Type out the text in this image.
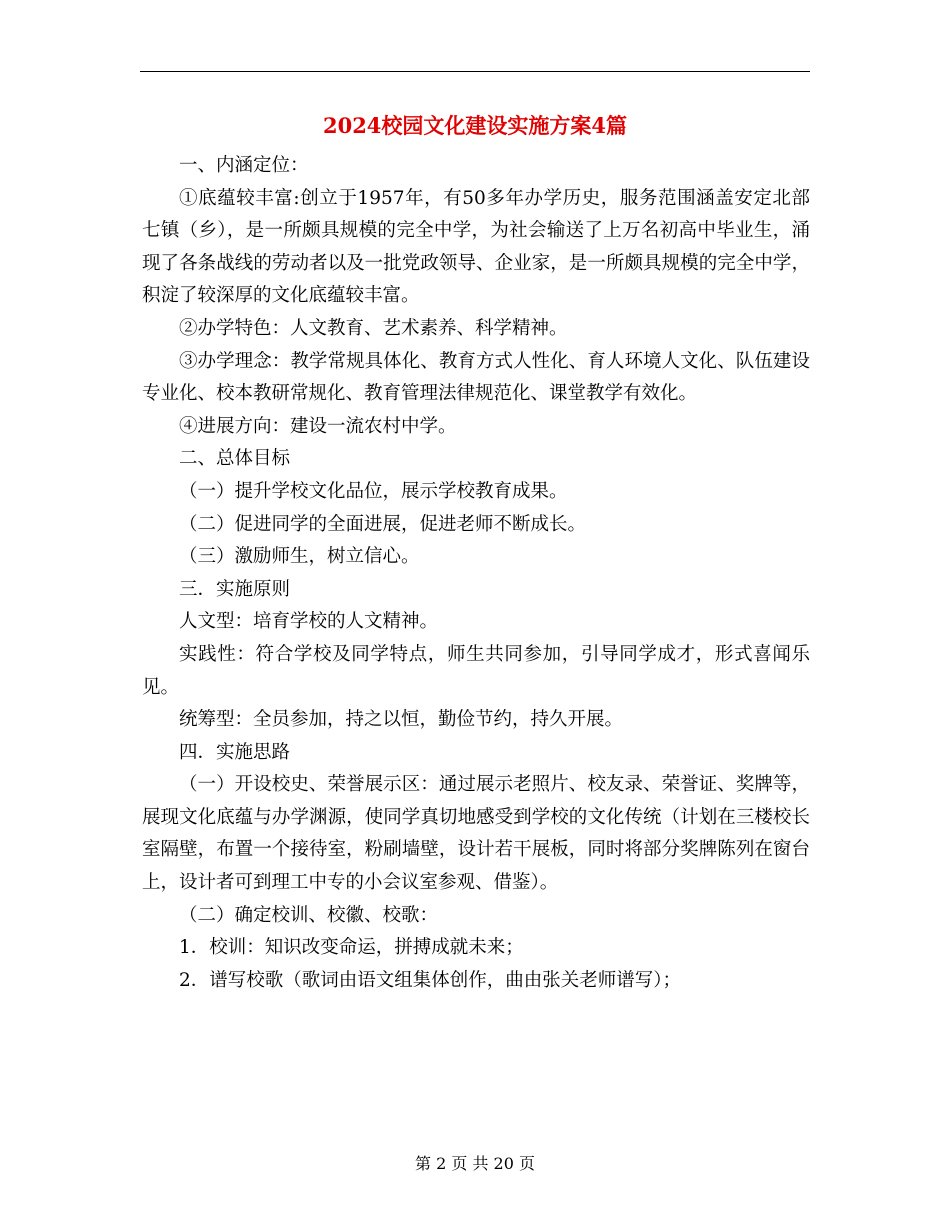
2024校园文化建设实施方案4篇

一、内涵定位：

①底蕴较丰富:创立于1957年，有50多年办学历史，服务范围涵盖安定北部七镇（乡），是一所颇具规模的完全中学，为社会输送了上万名初高中毕业生，涌现了各条战线的劳动者以及一批党政领导、企业家，是一所颇具规模的完全中学，积淀了较深厚的文化底蕴较丰富。

②办学特色：人文教育、艺术素养、科学精神。

③办学理念：教学常规具体化、教育方式人性化、育人环境人文化、队伍建设专业化、校本教研常规化、教育管理法律规范化、课堂教学有效化。

④进展方向：建设一流农村中学。

二、总体目标

（一）提升学校文化品位，展示学校教育成果。

（二）促进同学的全面进展，促进老师不断成长。

（三）激励师生，树立信心。

三．实施原则

人文型：培育学校的人文精神。

实践性：符合学校及同学特点，师生共同参加，引导同学成才，形式喜闻乐见。

统筹型：全员参加，持之以恒，勤俭节约，持久开展。

四．实施思路

（一）开设校史、荣誉展示区：通过展示老照片、校友录、荣誉证、奖牌等，展现文化底蕴与办学渊源，使同学真切地感受到学校的文化传统（计划在三楼校长室隔壁，布置一个接待室，粉刷墙壁，设计若干展板，同时将部分奖牌陈列在窗台上，设计者可到理工中专的小会议室参观、借鉴）。

（二）确定校训、校徽、校歌：

1．校训：知识改变命运，拼搏成就未来；

2．谱写校歌（歌词由语文组集体创作，曲由张关老师谱写）；

第 2 页 共 20 页
